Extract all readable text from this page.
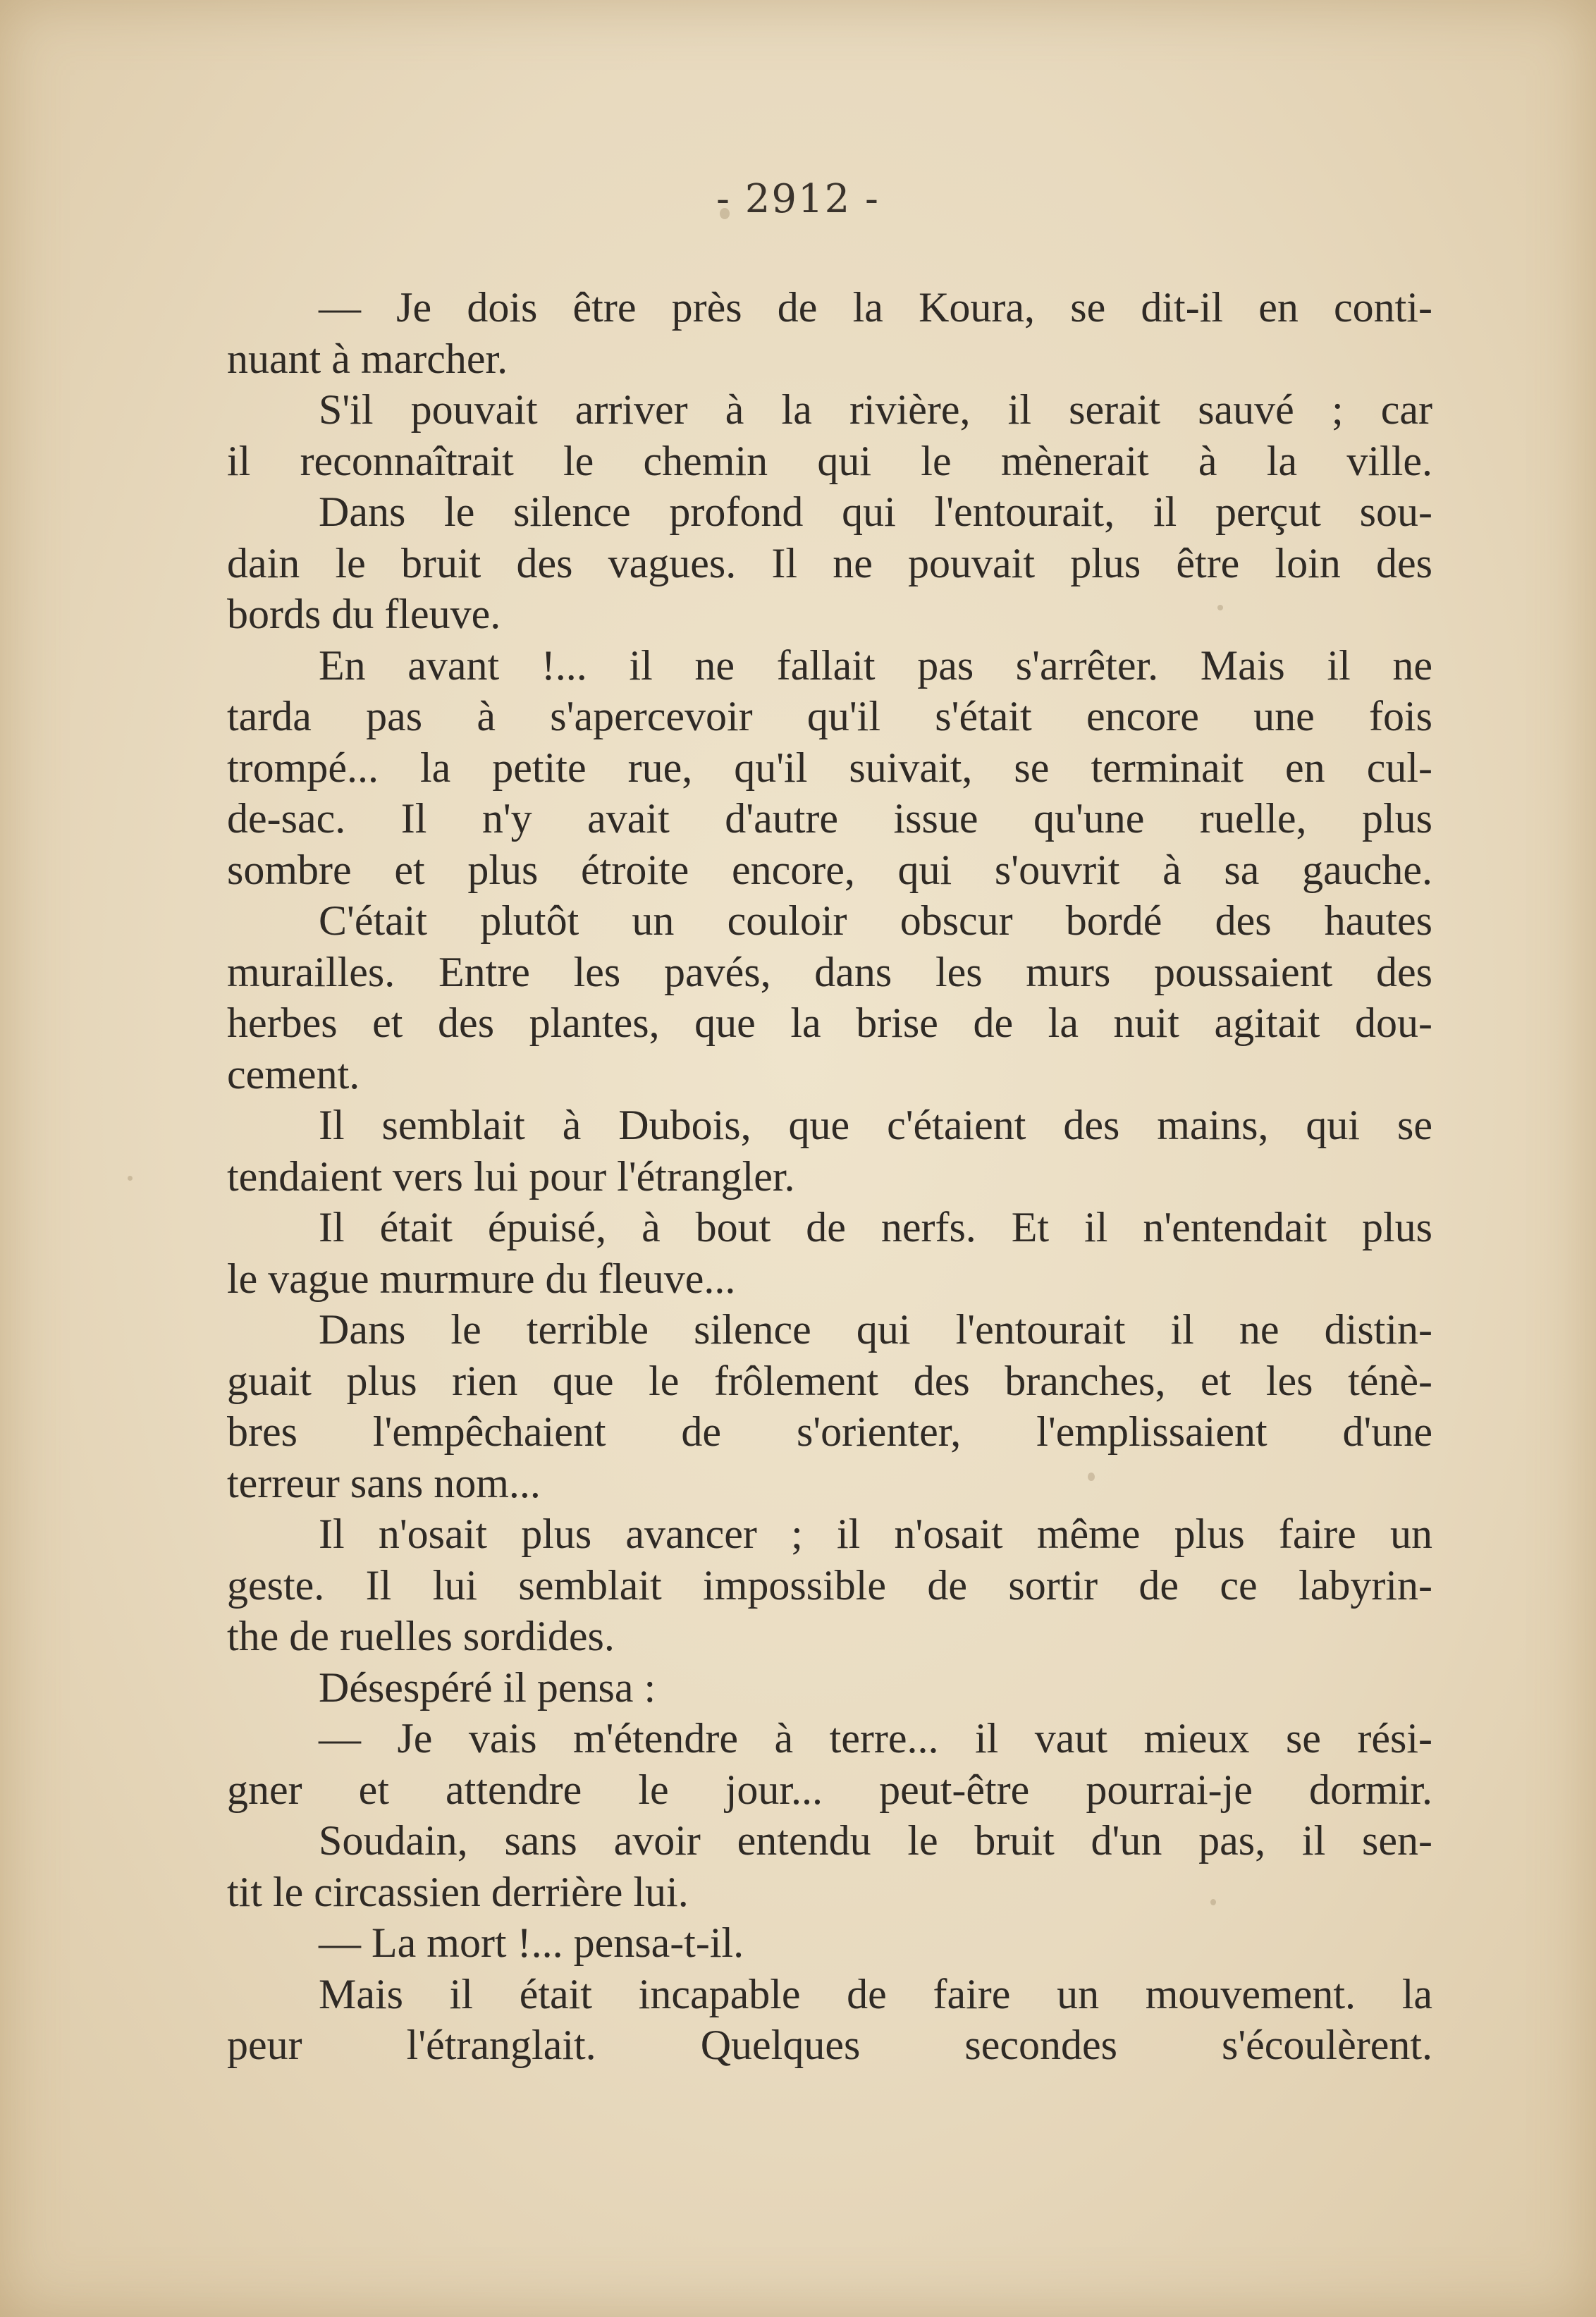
- 2912 -
— Je dois être près de la Koura, se dit-il en conti-
nuant à marcher.
S'il pouvait arriver à la rivière, il serait sauvé ; car
il reconnaîtrait le chemin qui le mènerait à la ville.
Dans le silence profond qui l'entourait, il perçut sou-
dain le bruit des vagues. Il ne pouvait plus être loin des
bords du fleuve.
En avant !... il ne fallait pas s'arrêter. Mais il ne
tarda pas à s'apercevoir qu'il s'était encore une fois
trompé... la petite rue, qu'il suivait, se terminait en cul-
de-sac. Il n'y avait d'autre issue qu'une ruelle, plus
sombre et plus étroite encore, qui s'ouvrit à sa gauche.
C'était plutôt un couloir obscur bordé des hautes
murailles. Entre les pavés, dans les murs poussaient des
herbes et des plantes, que la brise de la nuit agitait dou-
cement.
Il semblait à Dubois, que c'étaient des mains, qui se
tendaient vers lui pour l'étrangler.
Il était épuisé, à bout de nerfs. Et il n'entendait plus
le vague murmure du fleuve...
Dans le terrible silence qui l'entourait il ne distin-
guait plus rien que le frôlement des branches, et les ténè-
bres l'empêchaient de s'orienter, l'emplissaient d'une
terreur sans nom...
Il n'osait plus avancer ; il n'osait même plus faire un
geste. Il lui semblait impossible de sortir de ce labyrin-
the de ruelles sordides.
Désespéré il pensa :
— Je vais m'étendre à terre... il vaut mieux se rési-
gner et attendre le jour... peut-être pourrai-je dormir.
Soudain, sans avoir entendu le bruit d'un pas, il sen-
tit le circassien derrière lui.
— La mort !... pensa-t-il.
Mais il était incapable de faire un mouvement. la
peur l'étranglait. Quelques secondes s'écoulèrent.
